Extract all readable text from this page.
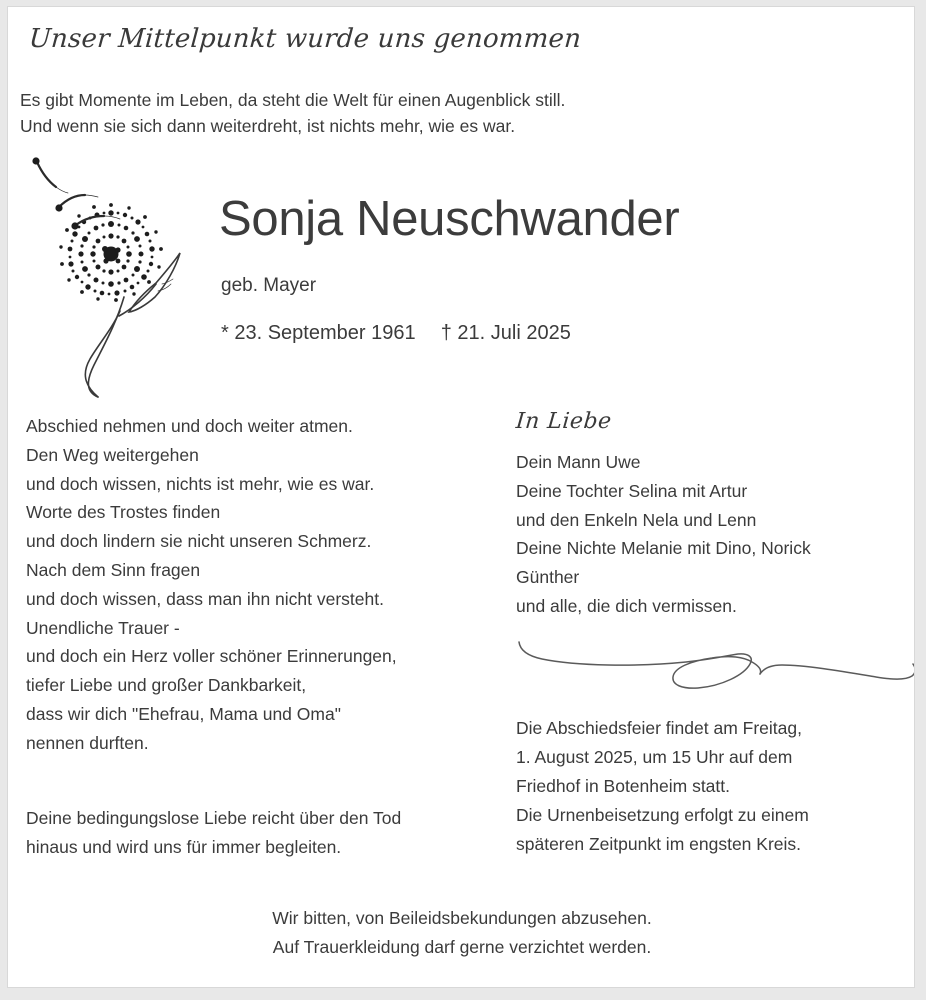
Unser Mittelpunkt wurde uns genommen
Es gibt Momente im Leben, da steht die Welt für einen Augenblick still.
Und wenn sie sich dann weiterdreht, ist nichts mehr, wie es war.
Sonja Neuschwander
geb. Mayer
* 23. September 1961 † 21. Juli 2025
Abschied nehmen und doch weiter atmen.
Den Weg weitergehen
und doch wissen, nichts ist mehr, wie es war.
Worte des Trostes finden
und doch lindern sie nicht unseren Schmerz.
Nach dem Sinn fragen
und doch wissen, dass man ihn nicht versteht.
Unendliche Trauer -
und doch ein Herz voller schöner Erinnerungen,
tiefer Liebe und großer Dankbarkeit,
dass wir dich "Ehefrau, Mama und Oma"
nennen durften.
Deine bedingungslose Liebe reicht über den Tod
hinaus und wird uns für immer begleiten.
In Liebe
Dein Mann Uwe
Deine Tochter Selina mit Artur
und den Enkeln Nela und Lenn
Deine Nichte Melanie mit Dino, Norick
Günther
und alle, die dich vermissen.
Die Abschiedsfeier findet am Freitag,
1. August 2025, um 15 Uhr auf dem
Friedhof in Botenheim statt.
Die Urnenbeisetzung erfolgt zu einem
späteren Zeitpunkt im engsten Kreis.
Wir bitten, von Beileidsbekundungen abzusehen.
Auf Trauerkleidung darf gerne verzichtet werden.
